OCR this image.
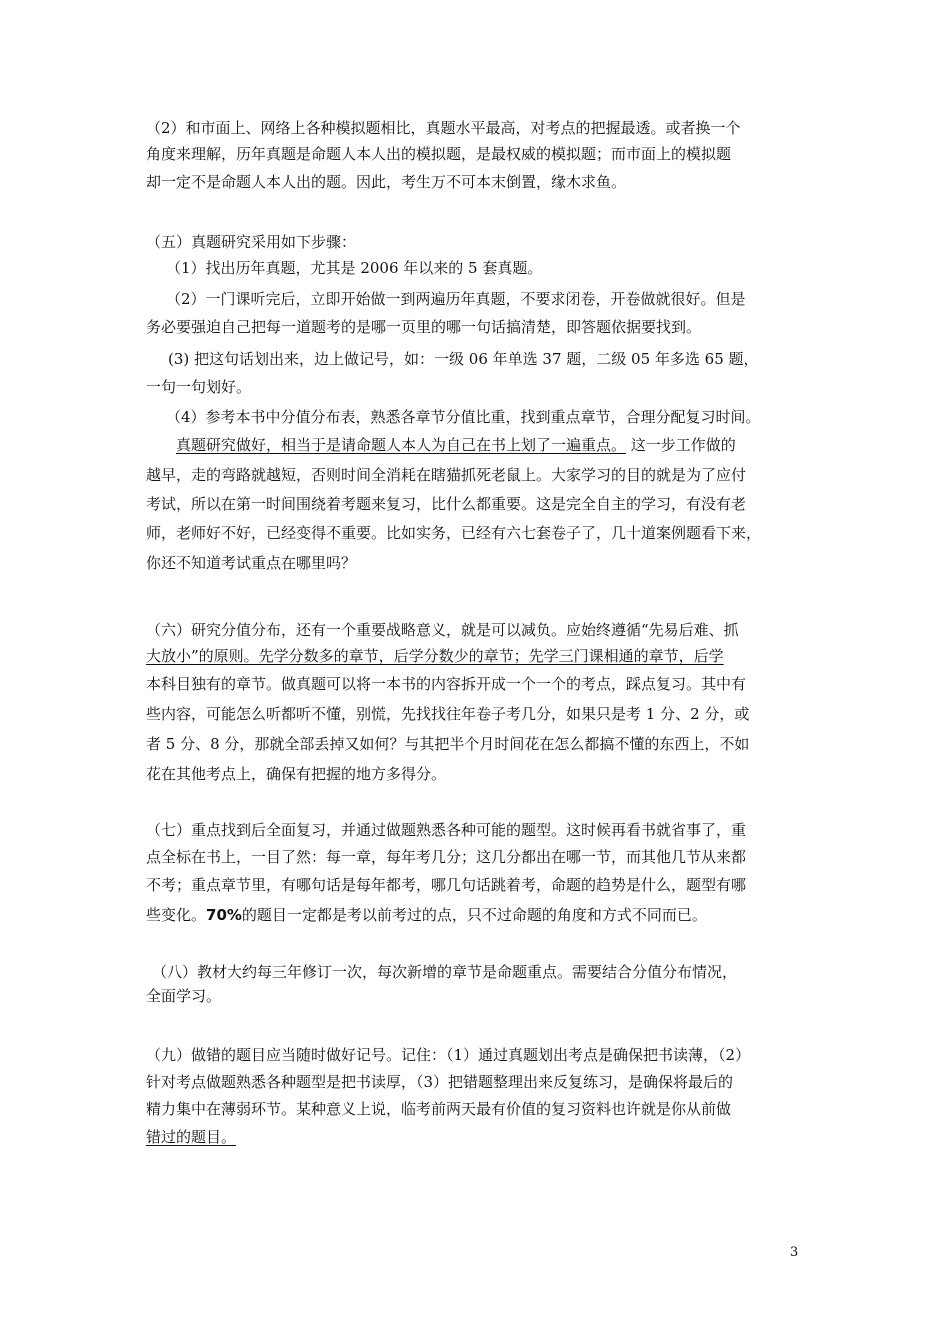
（2）和市面上、网络上各种模拟题相比，真题水平最高，对考点的把握最透。或者换一个
角度来理解，历年真题是命题人本人出的模拟题，是最权威的模拟题；而市面上的模拟题
却一定不是命题人本人出的题。因此，考生万不可本末倒置，缘木求鱼。
（五）真题研究采用如下步骤：
（1）找出历年真题，尤其是 2006 年以来的 5 套真题。
（2）一门课听完后，立即开始做一到两遍历年真题，不要求闭卷，开卷做就很好。但是
务必要强迫自己把每一道题考的是哪一页里的哪一句话搞清楚，即答题依据要找到。
(3) 把这句话划出来，边上做记号，如：一级 06 年单选 37 题，二级 05 年多选 65 题，
一句一句划好。
（4）参考本书中分值分布表，熟悉各章节分值比重，找到重点章节，合理分配复习时间。
真题研究做好，相当于是请命题人本人为自己在书上划了一遍重点。 这一步工作做的
越早，走的弯路就越短，否则时间全消耗在瞎猫抓死老鼠上。大家学习的目的就是为了应付
考试，所以在第一时间围绕着考题来复习，比什么都重要。这是完全自主的学习，有没有老
师，老师好不好，已经变得不重要。比如实务，已经有六七套卷子了，几十道案例题看下来，
你还不知道考试重点在哪里吗？
（六）研究分值分布，还有一个重要战略意义，就是可以减负。应始终遵循“先易后难、抓
大放小”的原则。先学分数多的章节，后学分数少的章节；先学三门课相通的章节，后学
本科目独有的章节。做真题可以将一本书的内容拆开成一个一个的考点，踩点复习。其中有
些内容，可能怎么听都听不懂，别慌，先找找往年卷子考几分，如果只是考 1 分、2 分，或
者 5 分、8 分，那就全部丢掉又如何？与其把半个月时间花在怎么都搞不懂的东西上，不如
花在其他考点上，确保有把握的地方多得分。
（七）重点找到后全面复习，并通过做题熟悉各种可能的题型。这时候再看书就省事了，重
点全标在书上，一目了然：每一章，每年考几分；这几分都出在哪一节，而其他几节从来都
不考；重点章节里，有哪句话是每年都考，哪几句话跳着考，命题的趋势是什么，题型有哪
些变化。70%的题目一定都是考以前考过的点，只不过命题的角度和方式不同而已。
（八）教材大约每三年修订一次，每次新增的章节是命题重点。需要结合分值分布情况，
全面学习。
（九）做错的题目应当随时做好记号。记住：（1）通过真题划出考点是确保把书读薄，（2）
针对考点做题熟悉各种题型是把书读厚，（3）把错题整理出来反复练习，是确保将最后的
精力集中在薄弱环节。某种意义上说，临考前两天最有价值的复习资料也许就是你从前做
错过的题目。
3
